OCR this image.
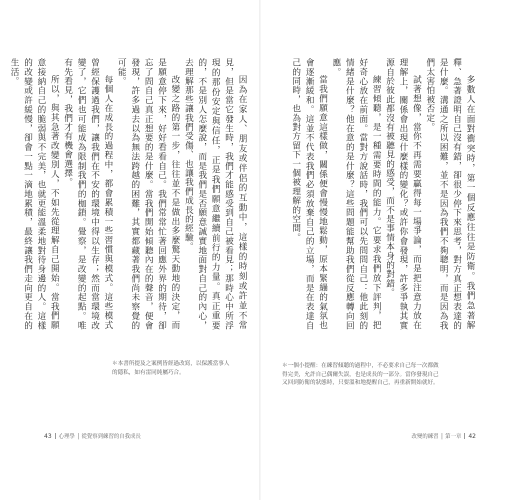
因為在家人、朋友或伴侶的互動中，這樣的時刻或許並不常見，但是當它發生時，我們才能感受到自己被看見；那時心中所浮現的那份安定與信任，正是我們願意繼續前行的力量。真正重要的，不是別人怎麼說，而是我們是否願意誠實地面對自己的內心，去理解那些讓我們受傷、也讓我們成長的經驗。

改變之路的第一步，往往並不是做出多麼驚天動地的決定，而是願意停下來，好好看看自己。我們常常忙著回應外界的期待，卻忘了問自己真正想要的是什麼。當我們開始傾聽內在的聲音，便會發現，許多過去以為無法跨越的困難，其實都藏著我們尚未察覺的可能。

每個人在成長的過程中，都會累積一些習慣與模式。這些模式曾經保護過我們，讓我們在不安的環境中得以生存；然而當環境改變了，它們也可能成為限制我們的枷鎖。覺察，是改變的起點。唯有先看見，我們才有機會選擇。

所以，與其急著改變別人，不如先從理解自己開始。當我們願意接納自己的脆弱與不完美，也就更能溫柔地對待身邊的人。這樣的改變或許緩慢，卻會一點一滴地累積，最終讓我們走向更自在的生活。

＊本書所提及之案例皆經過改寫，以保護當事人的隱私，如有雷同純屬巧合。
43 心理學 │ 從覺察到練習的自我成長

多數人在面對衝突時，第一個反應往往是防衛。我們急著解釋、急著證明自己沒有錯，卻很少停下來思考，對方真正想表達的是什麼。溝通之所以困難，並不是因為我們不夠聰明，而是因為我們太害怕被否定。

試著想像，當你不再需要贏得每一場爭論，而是把注意力放在理解上，關係會出現什麼樣的變化？或許你會發現，許多爭執其實源自於彼此都沒有被聽見的感受，而不是事情本身的對錯。

練習傾聽，是一種需要時間的能力。它要求我們放下評判，把好奇心放在前面。當對方說話時，我們可以先問問自己：他此刻的情緒是什麼？他在意的是什麼？這些問題能幫助我們從反應轉向回應。

當我們願意這樣做，關係便會慢慢地鬆動，原本緊繃的氣氛也會逐漸緩和。這並不代表我們必須放棄自己的立場，而是在表達自己的同時，也為對方留下一個被理解的空間。

＊一個小提醒：在練習傾聽的過程中，不必要求自己每一次都做得完美，允許自己偶爾失誤，也是成長的一部分。當你發現自己又回到防衛的狀態時，只要溫和地提醒自己，再重新開始就好。
改變的練習 │ 第一章 42
